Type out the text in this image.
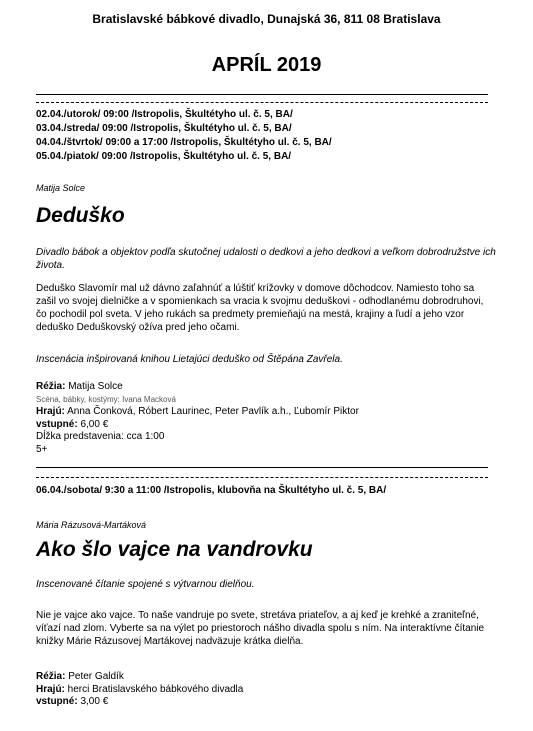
Bratislavské bábkové divadlo, Dunajská 36, 811 08 Bratislava
APRÍL 2019
02.04./utorok/ 09:00 /Istropolis, Škultétyho ul. č. 5, BA/
03.04./streda/ 09:00 /Istropolis, Škultétyho ul. č. 5, BA/
04.04./štvrtok/ 09:00 a 17:00 /Istropolis, Škultétyho ul. č. 5, BA/
05.04./piatok/ 09:00 /Istropolis, Škultétyho ul. č. 5, BA/
Matija Solce
Deduško
Divadlo bábok a objektov podľa skutočnej udalosti o dedkovi a jeho dedkovi a veľkom dobrodružstve ich života.
Deduško Slavomír mal už dávno zaľahnúť a lúštiť krížovky v domove dôchodcov. Namiesto toho sa zašil vo svojej dielničke a v spomienkach sa vracia k svojmu deduškovi - odhodlanému dobrodruhovi, čo pochodil pol sveta. V jeho rukách sa predmety premieňajú na mestá, krajiny a ľudí a jeho vzor deduško Deduškovský ožíva pred jeho očami.
Inscenácia inšpirovaná knihou Lietajúci deduško od Štěpána Zavřela.
Réžia: Matija Solce
Scéna, bábky, kostýmy: Ivana Macková
Hrajú: Anna Čonková, Róbert Laurinec, Peter Pavlík a.h., Ľubomír Piktor
vstupné: 6,00 €
Dĺžka predstavenia: cca 1:00
5+
06.04./sobota/ 9:30 a 11:00 /Istropolis, klubovňa na Škultétyho ul. č. 5, BA/
Mária Rázusová-Martáková
Ako šlo vajce na vandrovku
Inscenované čítanie spojené s výtvarnou dielňou.
Nie je vajce ako vajce. To naše vandruje po svete, stretáva priateľov, a aj keď je krehké a zraniteľné, víťazí nad zlom. Vyberte sa na výlet po priestoroch nášho divadla spolu s ním. Na interaktívne čítanie knižky Márie Rázusovej Martákovej nadväzuje krátka dielňa.
Réžia: Peter Galdík
Hrajú: herci Bratislavského bábkového divadla
vstupné: 3,00 €
